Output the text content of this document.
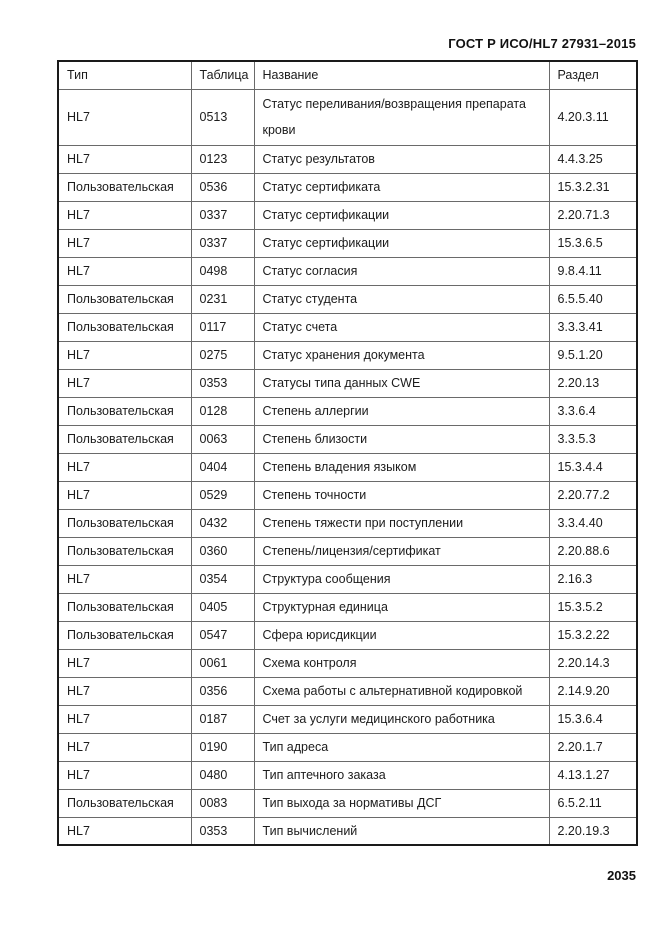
ГОСТ Р ИСО/HL7 27931–2015
Тип	Таблица	Название	Раздел
HL7	0513	Статус переливания/возвращения препарата крови	4.20.3.11
HL7	0123	Статус результатов	4.4.3.25
Пользовательская	0536	Статус сертификата	15.3.2.31
HL7	0337	Статус сертификации	2.20.71.3
HL7	0337	Статус сертификации	15.3.6.5
HL7	0498	Статус согласия	9.8.4.11
Пользовательская	0231	Статус студента	6.5.5.40
Пользовательская	0117	Статус счета	3.3.3.41
HL7	0275	Статус хранения документа	9.5.1.20
HL7	0353	Статусы типа данных CWE	2.20.13
Пользовательская	0128	Степень аллергии	3.3.6.4
Пользовательская	0063	Степень близости	3.3.5.3
HL7	0404	Степень владения языком	15.3.4.4
HL7	0529	Степень точности	2.20.77.2
Пользовательская	0432	Степень тяжести при поступлении	3.3.4.40
Пользовательская	0360	Степень/лицензия/сертификат	2.20.88.6
HL7	0354	Структура сообщения	2.16.3
Пользовательская	0405	Структурная единица	15.3.5.2
Пользовательская	0547	Сфера юрисдикции	15.3.2.22
HL7	0061	Схема контроля	2.20.14.3
HL7	0356	Схема работы с альтернативной кодировкой	2.14.9.20
HL7	0187	Счет за услуги медицинского работника	15.3.6.4
HL7	0190	Тип адреса	2.20.1.7
HL7	0480	Тип аптечного заказа	4.13.1.27
Пользовательская	0083	Тип выхода за нормативы ДСГ	6.5.2.11
HL7	0353	Тип вычислений	2.20.19.3
2035
